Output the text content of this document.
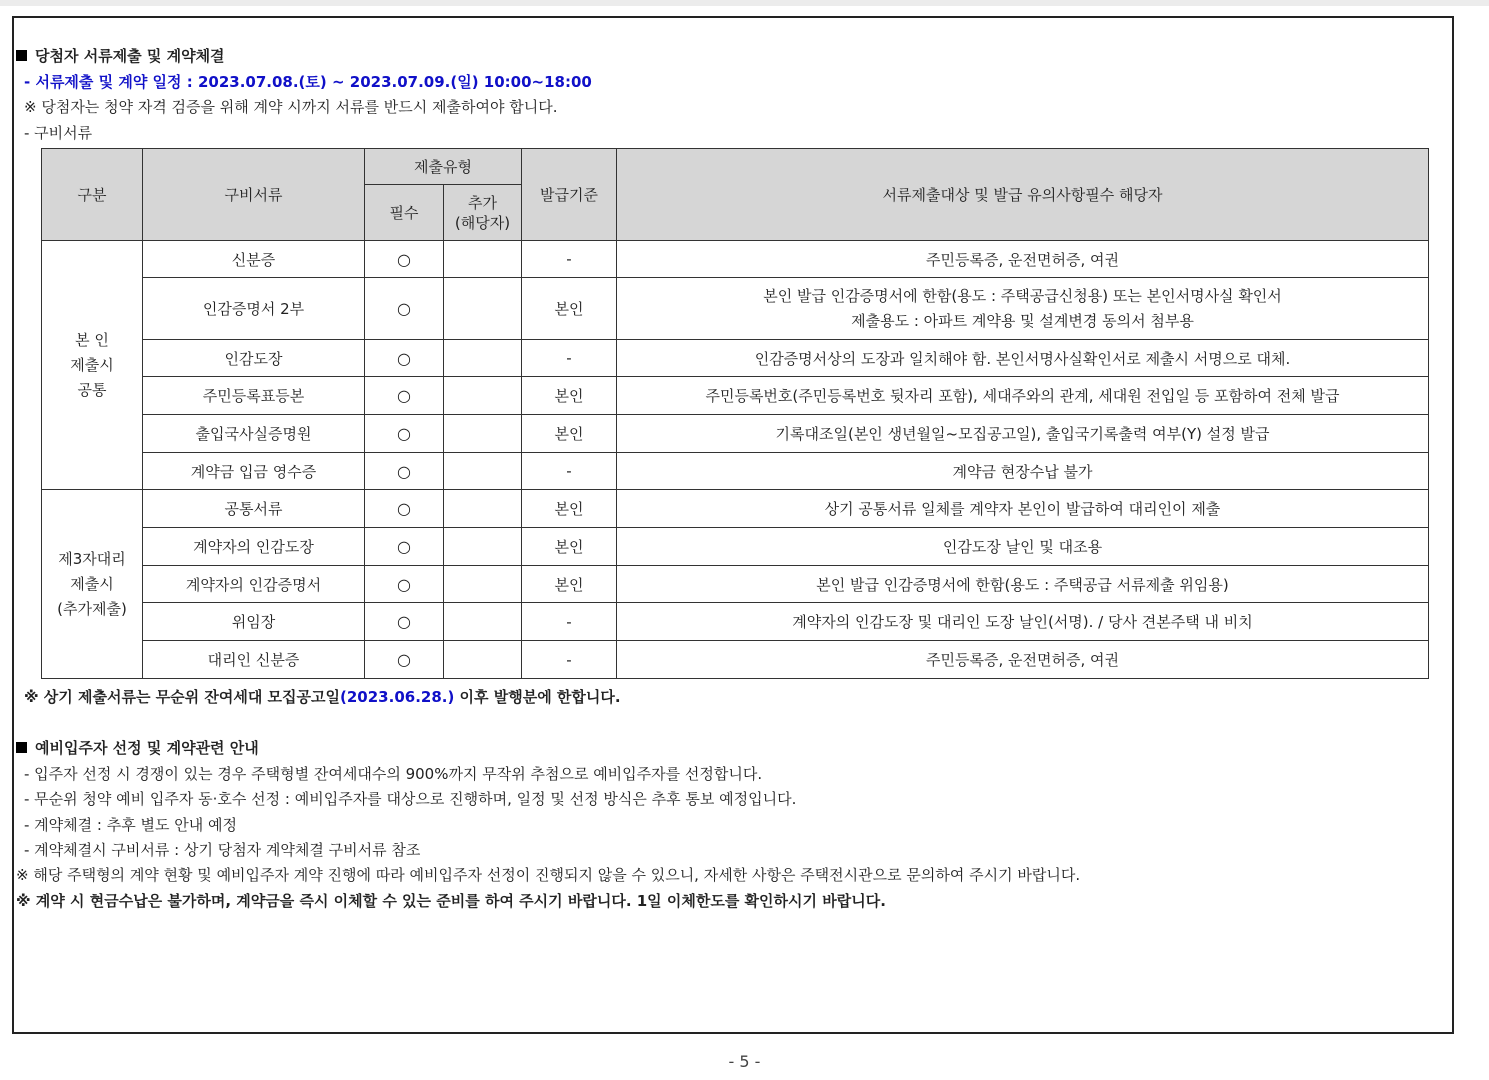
당첨자 서류제출 및 계약체결
- 서류제출 및 계약 일정 : 2023.07.08.(토) ~ 2023.07.09.(일) 10:00~18:00
※ 당첨자는 청약 자격 검증을 위해 계약 시까지 서류를 반드시 제출하여야 합니다.
- 구비서류
구분	구비서류	제출유형		발급기준	서류제출대상 및 발급 유의사항필수 해당자
		필수	추가
(해당자)		
본 인
제출시
공통	신분증	○		-	주민등록증, 운전면허증, 여권
	인감증명서 2부	○		본인	본인 발급 인감증명서에 한함(용도 : 주택공급신청용) 또는 본인서명사실 확인서
제출용도 : 아파트 계약용 및 설계변경 동의서 첨부용
	인감도장	○		-	인감증명서상의 도장과 일치해야 함. 본인서명사실확인서로 제출시 서명으로 대체.
	주민등록표등본	○		본인	주민등록번호(주민등록번호 뒷자리 포함), 세대주와의 관계, 세대원 전입일 등 포함하여 전체 발급
	출입국사실증명원	○		본인	기록대조일(본인 생년월일~모집공고일), 출입국기록출력 여부(Y) 설정 발급
	계약금 입금 영수증	○		-	계약금 현장수납 불가
제3자대리
제출시
(추가제출)	공통서류	○		본인	상기 공통서류 일체를 계약자 본인이 발급하여 대리인이 제출
	계약자의 인감도장	○		본인	인감도장 날인 및 대조용
	계약자의 인감증명서	○		본인	본인 발급 인감증명서에 한함(용도 : 주택공급 서류제출 위임용)
	위임장	○		-	계약자의 인감도장 및 대리인 도장 날인(서명). / 당사 견본주택 내 비치
	대리인 신분증	○		-	주민등록증, 운전면허증, 여권
※ 상기 제출서류는 무순위 잔여세대 모집공고일(2023.06.28.) 이후 발행분에 한합니다.
예비입주자 선정 및 계약관련 안내
- 입주자 선정 시 경쟁이 있는 경우 주택형별 잔여세대수의 900%까지 무작위 추첨으로 예비입주자를 선정합니다.
- 무순위 청약 예비 입주자 동·호수 선정 : 예비입주자를 대상으로 진행하며, 일정 및 선정 방식은 추후 통보 예정입니다.
- 계약체결 : 추후 별도 안내 예정
- 계약체결시 구비서류 : 상기 당첨자 계약체결 구비서류 참조
※ 해당 주택형의 계약 현황 및 예비입주자 계약 진행에 따라 예비입주자 선정이 진행되지 않을 수 있으니, 자세한 사항은 주택전시관으로 문의하여 주시기 바랍니다.
※ 계약 시 현금수납은 불가하며, 계약금을 즉시 이체할 수 있는 준비를 하여 주시기 바랍니다. 1일 이체한도를 확인하시기 바랍니다.
- 5 -
